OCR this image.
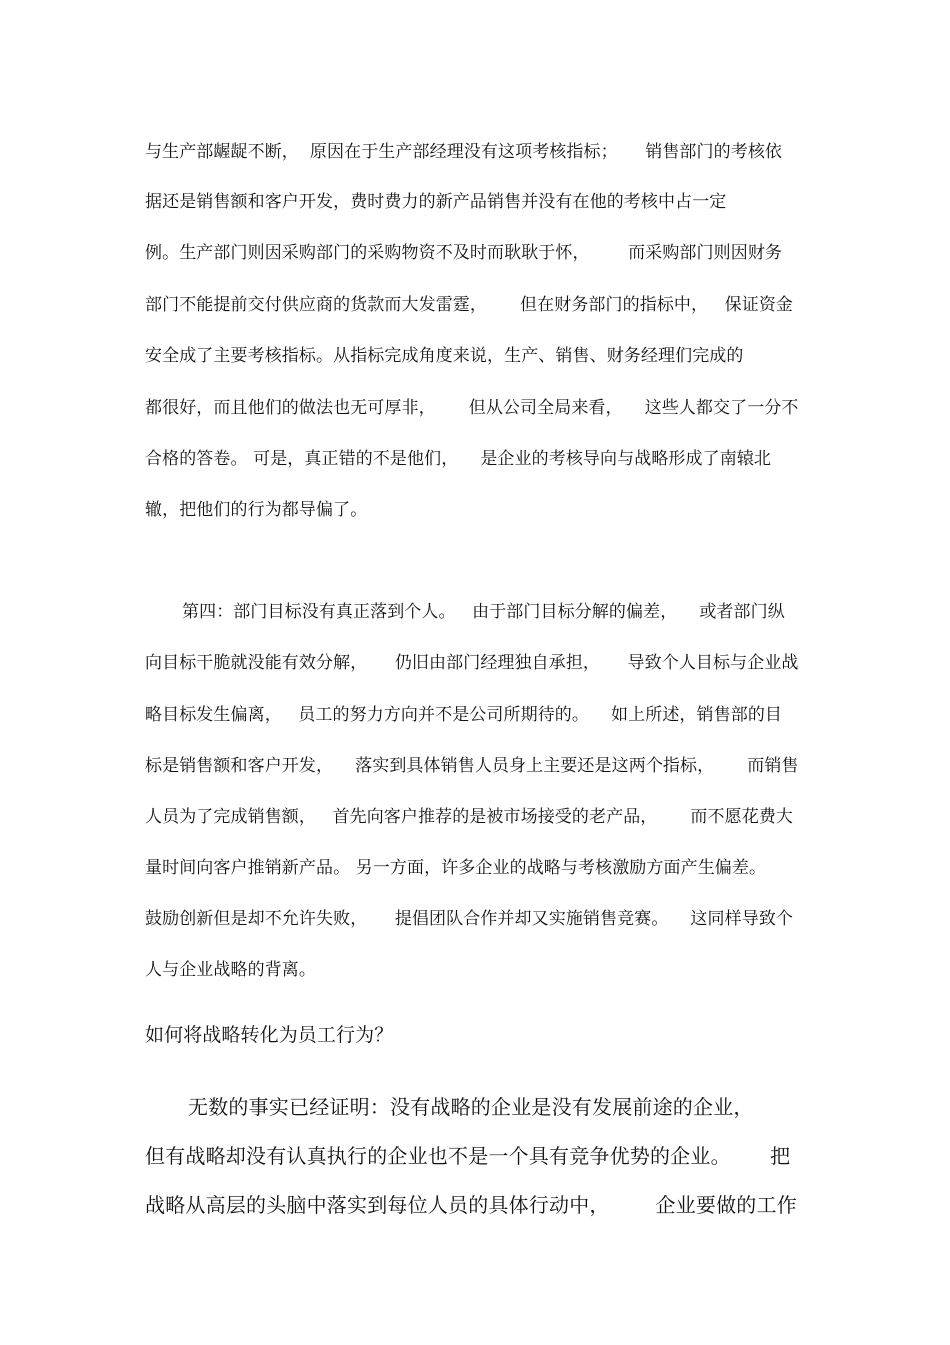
与生产部龌龊不断，  原因在于生产部经理没有这项考核指标；     销售部门的考核依
据还是销售额和客户开发，费时费力的新产品销售并没有在他的考核中占一定
例。生产部门则因采购部门的采购物资不及时而耿耿于怀，       而采购部门则因财务
部门不能提前交付供应商的货款而大发雷霆，      但在财务部门的指标中，   保证资金
安全成了主要考核指标。从指标完成角度来说，生产、销售、财务经理们完成的
都很好，而且他们的做法也无可厚非，      但从公司全局来看，    这些人都交了一分不
合格的答卷。 可是，真正错的不是他们，    是企业的考核导向与战略形成了南辕北
辙，把他们的行为都导偏了。
第四：部门目标没有真正落到个人。   由于部门目标分解的偏差，    或者部门纵
向目标干脆就没能有效分解，     仍旧由部门经理独自承担，     导致个人目标与企业战
略目标发生偏离，   员工的努力方向并不是公司所期待的。    如上所述，销售部的目
标是销售额和客户开发，    落实到具体销售人员身上主要还是这两个指标，      而销售
人员为了完成销售额，   首先向客户推荐的是被市场接受的老产品，      而不愿花费大
量时间向客户推销新产品。 另一方面，许多企业的战略与考核激励方面产生偏差。
鼓励创新但是却不允许失败，     提倡团队合作并却又实施销售竞赛。    这同样导致个
人与企业战略的背离。
如何将战略转化为员工行为？
无数的事实已经证明：没有战略的企业是没有发展前途的企业，
但有战略却没有认真执行的企业也不是一个具有竞争优势的企业。      把
战略从高层的头脑中落实到每位人员的具体行动中，       企业要做的工作
